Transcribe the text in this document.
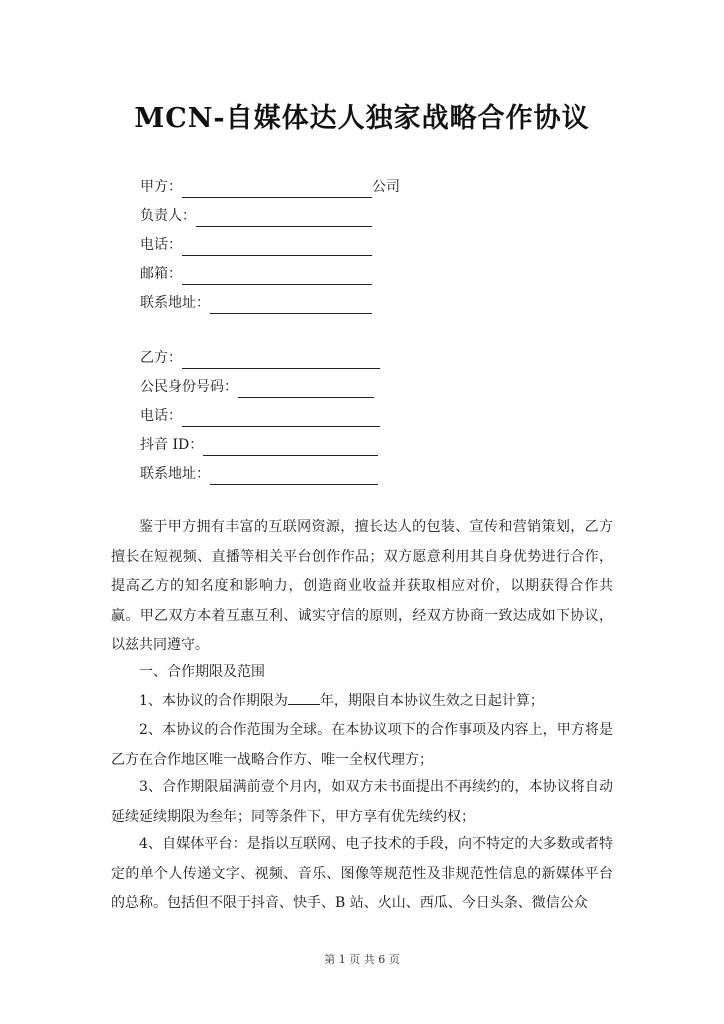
MCN-自媒体达人独家战略合作协议
甲方：	公司
负责人：
电话：
邮箱：
联系地址：
乙方：
公民身份号码：
电话：
抖音 ID：
联系地址：

鉴于甲方拥有丰富的互联网资源，擅长达人的包装、宣传和营销策划，乙方擅长在短视频、直播等相关平台创作作品；双方愿意利用其自身优势进行合作，提高乙方的知名度和影响力，创造商业收益并获取相应对价，以期获得合作共赢。甲乙双方本着互惠互利、诚实守信的原则，经双方协商一致达成如下协议，以兹共同遵守。

一、合作期限及范围

1、本协议的合作期限为 年，期限自本协议生效之日起计算；

2、本协议的合作范围为全球。在本协议项下的合作事项及内容上，甲方将是乙方在合作地区唯一战略合作方、唯一全权代理方；

3、合作期限届满前壹个月内，如双方未书面提出不再续约的，本协议将自动延续延续期限为叁年；同等条件下，甲方享有优先续约权；

4、自媒体平台：是指以互联网、电子技术的手段，向不特定的大多数或者特定的单个人传递文字、视频、音乐、图像等规范性及非规范性信息的新媒体平台的总称。包括但不限于抖音、快手、B 站、火山、西瓜、今日头条、微信公众

第 1 页 共 6 页
